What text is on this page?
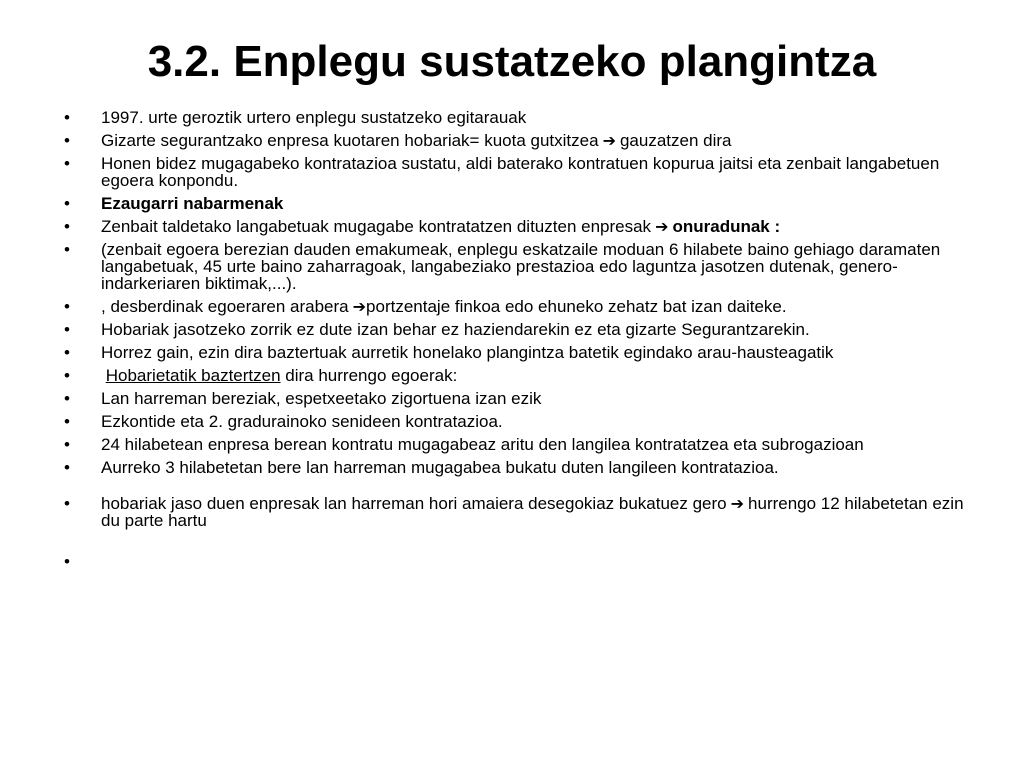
3.2. Enplegu sustatzeko plangintza
•	1997. urte geroztik urtero enplegu sustatzeko egitarauak
•	Gizarte segurantzako enpresa kuotaren hobariak= kuota gutxitzea ➔ gauzatzen dira
•	Honen bidez mugagabeko kontratazioa sustatu, aldi baterako kontratuen kopurua jaitsi eta zenbait langabetuen egoera konpondu.
•	Ezaugarri nabarmenak
•	Zenbait taldetako langabetuak mugagabe kontratatzen dituzten enpresak ➔ onuradunak :
•	(zenbait egoera berezian dauden emakumeak, enplegu eskatzaile moduan 6 hilabete baino gehiago daramaten langabetuak, 45 urte baino zaharragoak, langabeziako prestazioa edo laguntza jasotzen dutenak, genero-indarkeriaren biktimak,...).
•	, desberdinak egoeraren arabera ➔portzentaje finkoa edo ehuneko zehatz bat izan daiteke.
•	Hobariak jasotzeko zorrik ez dute izan behar ez haziendarekin ez eta gizarte Segurantzarekin.
•	Horrez gain, ezin dira baztertuak aurretik honelako plangintza batetik egindako arau-hausteagatik
•	Hobarietatik baztertzen dira hurrengo egoerak:
•	Lan harreman bereziak, espetxeetako zigortuena izan ezik
•	Ezkontide eta 2. gradurainoko senideen kontratazioa.
•	24 hilabetean enpresa berean kontratu mugagabeaz aritu den langilea kontratatzea eta subrogazioan
•	Aurreko 3 hilabetetan bere lan harreman mugagabea bukatu duten langileen kontratazioa.
•	hobariak jaso duen enpresak lan harreman hori amaiera desegokiaz bukatuez gero ➔ hurrengo 12 hilabetetan ezin du parte hartu
•
